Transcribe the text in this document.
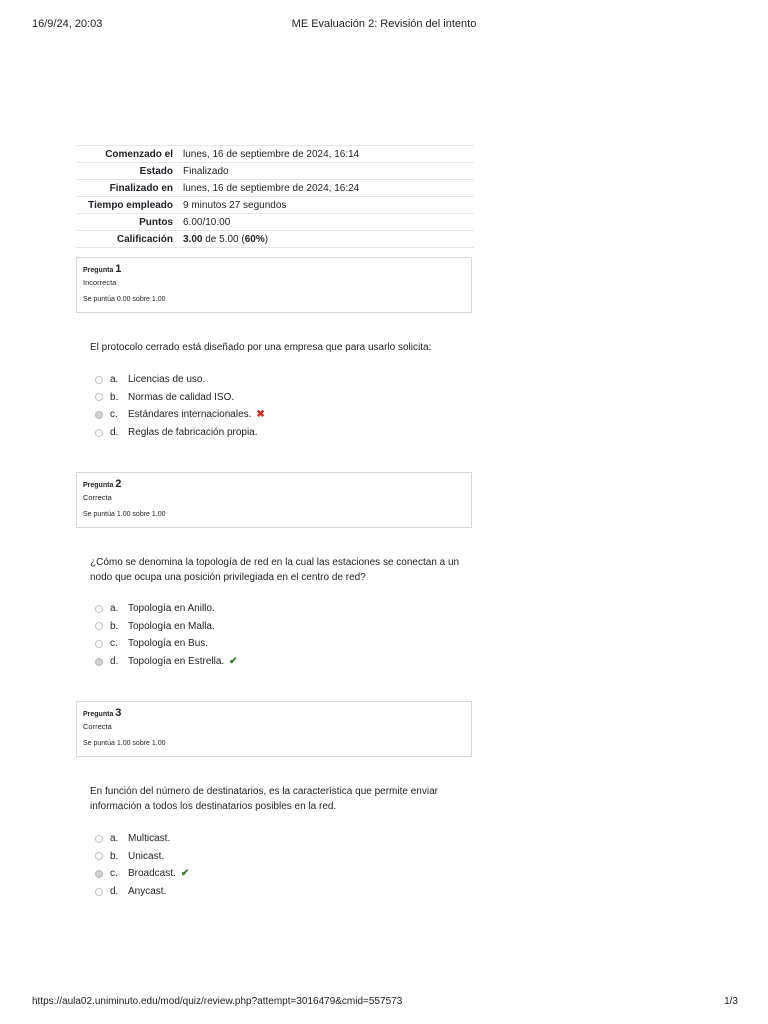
16/9/24, 20:03	ME Evaluación 2: Revisión del intento
Comenzado el	lunes, 16 de septiembre de 2024, 16:14
Estado	Finalizado
Finalizado en	lunes, 16 de septiembre de 2024, 16:24
Tiempo empleado	9 minutos 27 segundos
Puntos	6.00/10.00
Calificación	3.00 de 5.00 (60%)
Pregunta 1
Incorrecta
Se puntúa 0.00 sobre 1.00
El protocolo cerrado está diseñado por una empresa que para usarlo solicita:
a. Licencias de uso.
b. Normas de calidad ISO.
c.	Estándares internacionales. ✖
d. Reglas de fabricación propia.
Pregunta 2
Correcta
Se puntúa 1.00 sobre 1.00
¿Cómo se denomina la topología de red en la cual las estaciones se conectan a un nodo que ocupa una posición privilegiada en el centro de red?
a. Topología en Anillo.
b. Topología en Malla.
c.	Topología en Bus.
d. Topología en Estrella. ✔
Pregunta 3
Correcta
Se puntúa 1.00 sobre 1.00
En función del número de destinatarios, es la característica que permite enviar información a todos los destinatarios posibles en la red.
a. Multicast.
b. Unicast.
c.	Broadcast. ✔
d. Anycast.
https://aula02.uniminuto.edu/mod/quiz/review.php?attempt=3016479&cmid=557573	1/3
